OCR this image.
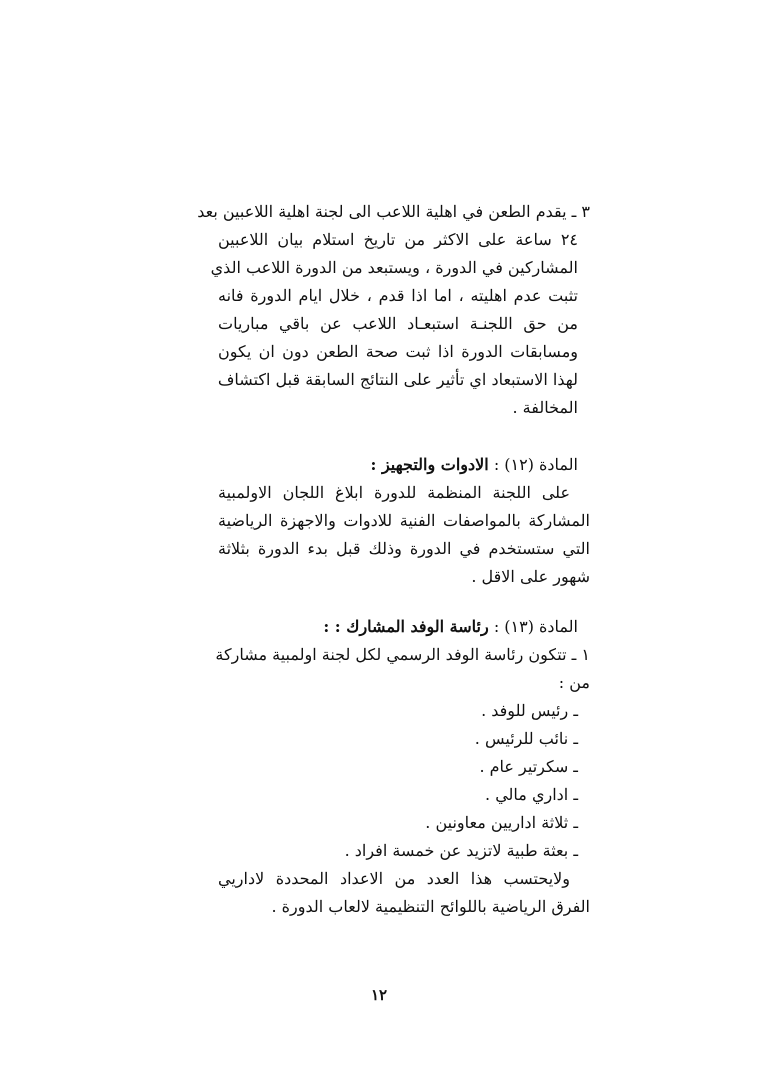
٣ ـ يقدم الطعن في اهلية اللاعب الى لجنة اهلية اللاعبين بعد
٢٤ ساعة على الاكثر من تاريخ استلام بيان اللاعبين
المشاركين في الدورة ، ويستبعد من الدورة اللاعب الذي
تثبت عدم اهليته ، اما اذا قدم ، خلال ايام الدورة فانه
من حق اللجنـة استبعـاد اللاعب عن باقي مباريات
ومسابقات الدورة اذا ثبت صحة الطعن دون ان يكون
لهذا الاستبعاد اي تأثير على النتائج السابقة قبل اكتشاف
المخالفة .
المادة (١٢) : الادوات والتجهيز :
على اللجنة المنظمة للدورة ابلاغ اللجان الاولمبية
المشاركة بالمواصفات الفنية للادوات والاجهزة الرياضية
التي ستستخدم في الدورة وذلك قبل بدء الدورة بثلاثة
شهور على الاقل .
المادة (١٣) : رئاسة الوفد المشارك : :
١ ـ تتكون رئاسة الوفد الرسمي لكل لجنة اولمبية مشاركة
من :
ـ رئيس للوفد .
ـ نائب للرئيس .
ـ سكرتير عام .
ـ اداري مالي .
ـ ثلاثة اداريين معاونين .
ـ بعثة طبية لاتزيد عن خمسة افراد .
ولايحتسب هذا العدد من الاعداد المحددة لاداريي
الفرق الرياضية باللوائح التنظيمية لالعاب الدورة .
١٢
